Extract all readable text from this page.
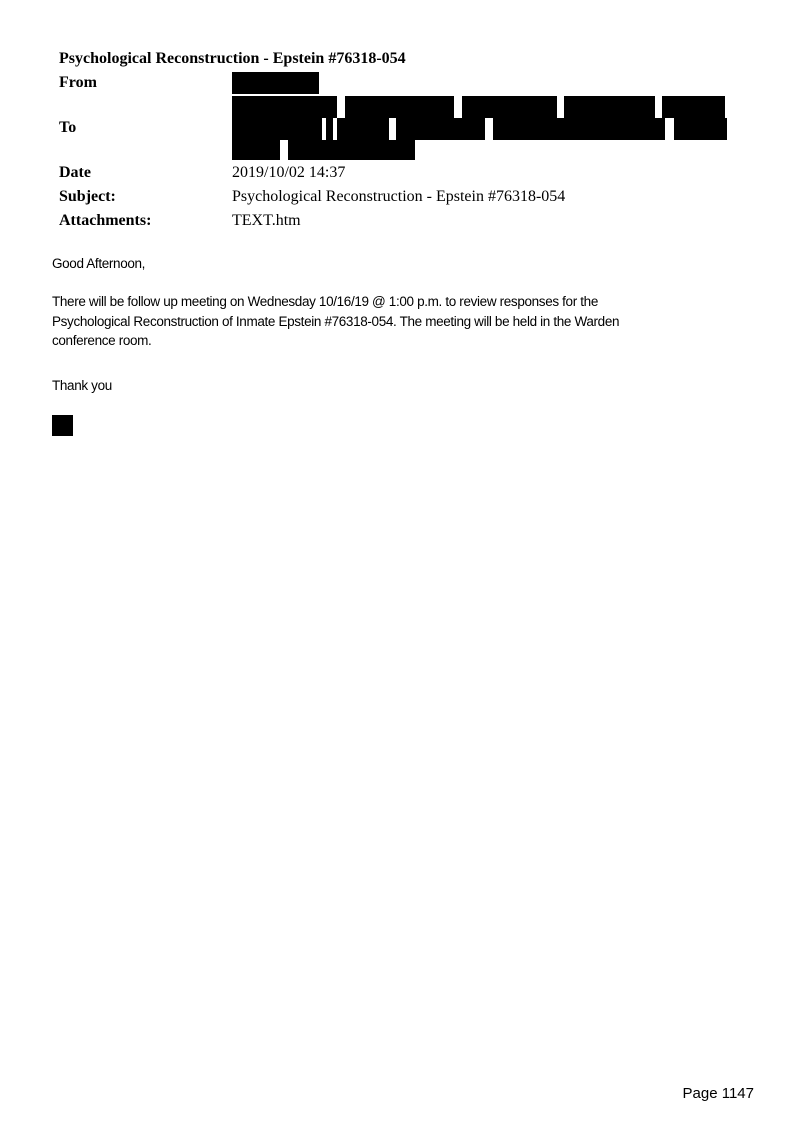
Psychological Reconstruction - Epstein #76318-054
From
To
Date	2019/10/02 14:37
Subject:	Psychological Reconstruction - Epstein #76318-054
Attachments:	TEXT.htm
Good Afternoon,
There will be follow up meeting on Wednesday 10/16/19 @ 1:00 p.m. to review responses for the
Psychological Reconstruction of Inmate Epstein #76318-054. The meeting will be held in the Warden
conference room.
Thank you
Page 1147
